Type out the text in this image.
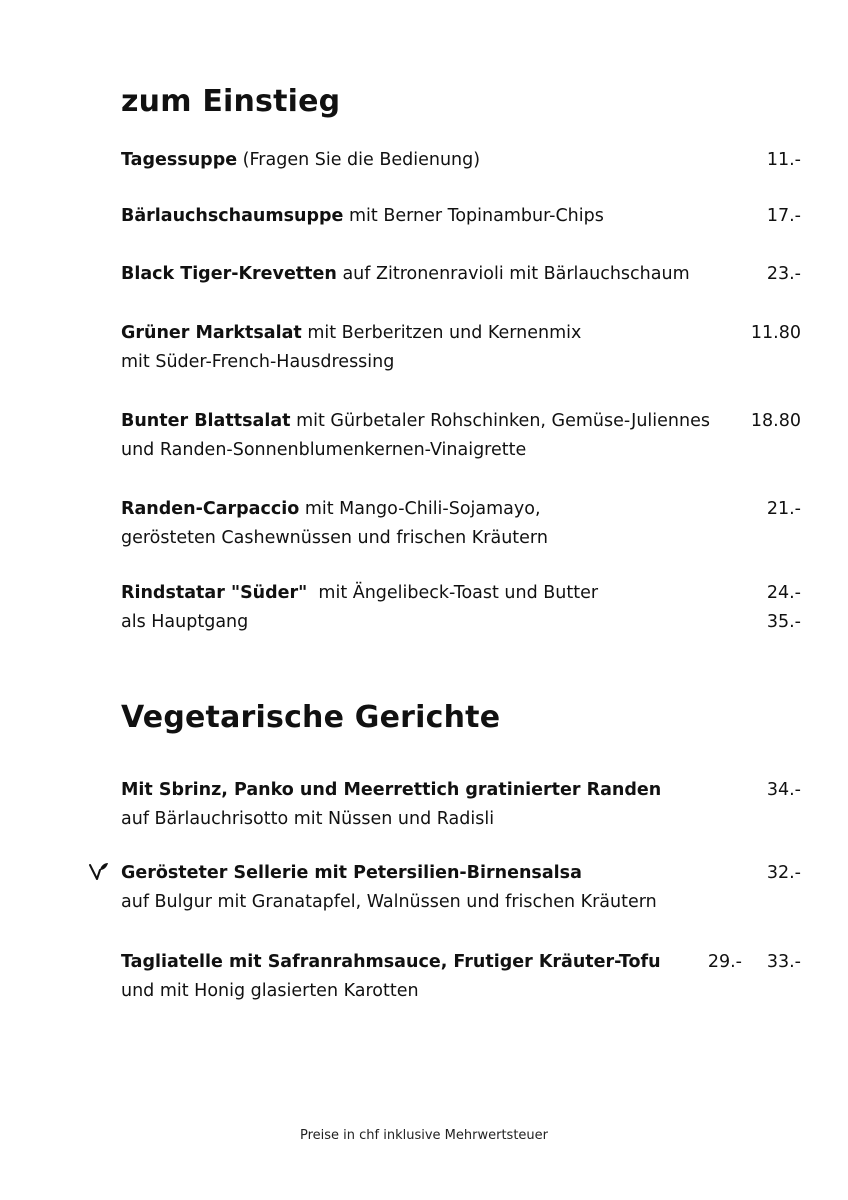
zum Einstieg
Tagessuppe (Fragen Sie die Bedienung)	11.-
Bärlauchschaumsuppe mit Berner Topinambur-Chips	17.-
Black Tiger-Krevetten auf Zitronenravioli mit Bärlauchschaum	23.-
Grüner Marktsalat mit Berberitzen und Kernenmix	11.80
mit Süder-French-Hausdressing
Bunter Blattsalat mit Gürbetaler Rohschinken, Gemüse-Juliennes 18.80
und Randen-Sonnenblumenkernen-Vinaigrette
Randen-Carpaccio mit Mango-Chili-Sojamayo,	21.-
gerösteten Cashewnüssen und frischen Kräutern
Rindstatar "Süder"  mit Ängelibeck-Toast und Butter	24.-
als Hauptgang	35.-
Vegetarische Gerichte
Mit Sbrinz, Panko und Meerrettich gratinierter Randen	34.-
auf Bärlauchrisotto mit Nüssen und Radisli
Gerösteter Sellerie mit Petersilien-Birnensalsa	32.-
auf Bulgur mit Granatapfel, Walnüssen und frischen Kräutern
Tagliatelle mit Safranrahmsauce, Frutiger Kräuter-Tofu	29.- 33.-
und mit Honig glasierten Karotten
Preise in chf inklusive Mehrwertsteuer
